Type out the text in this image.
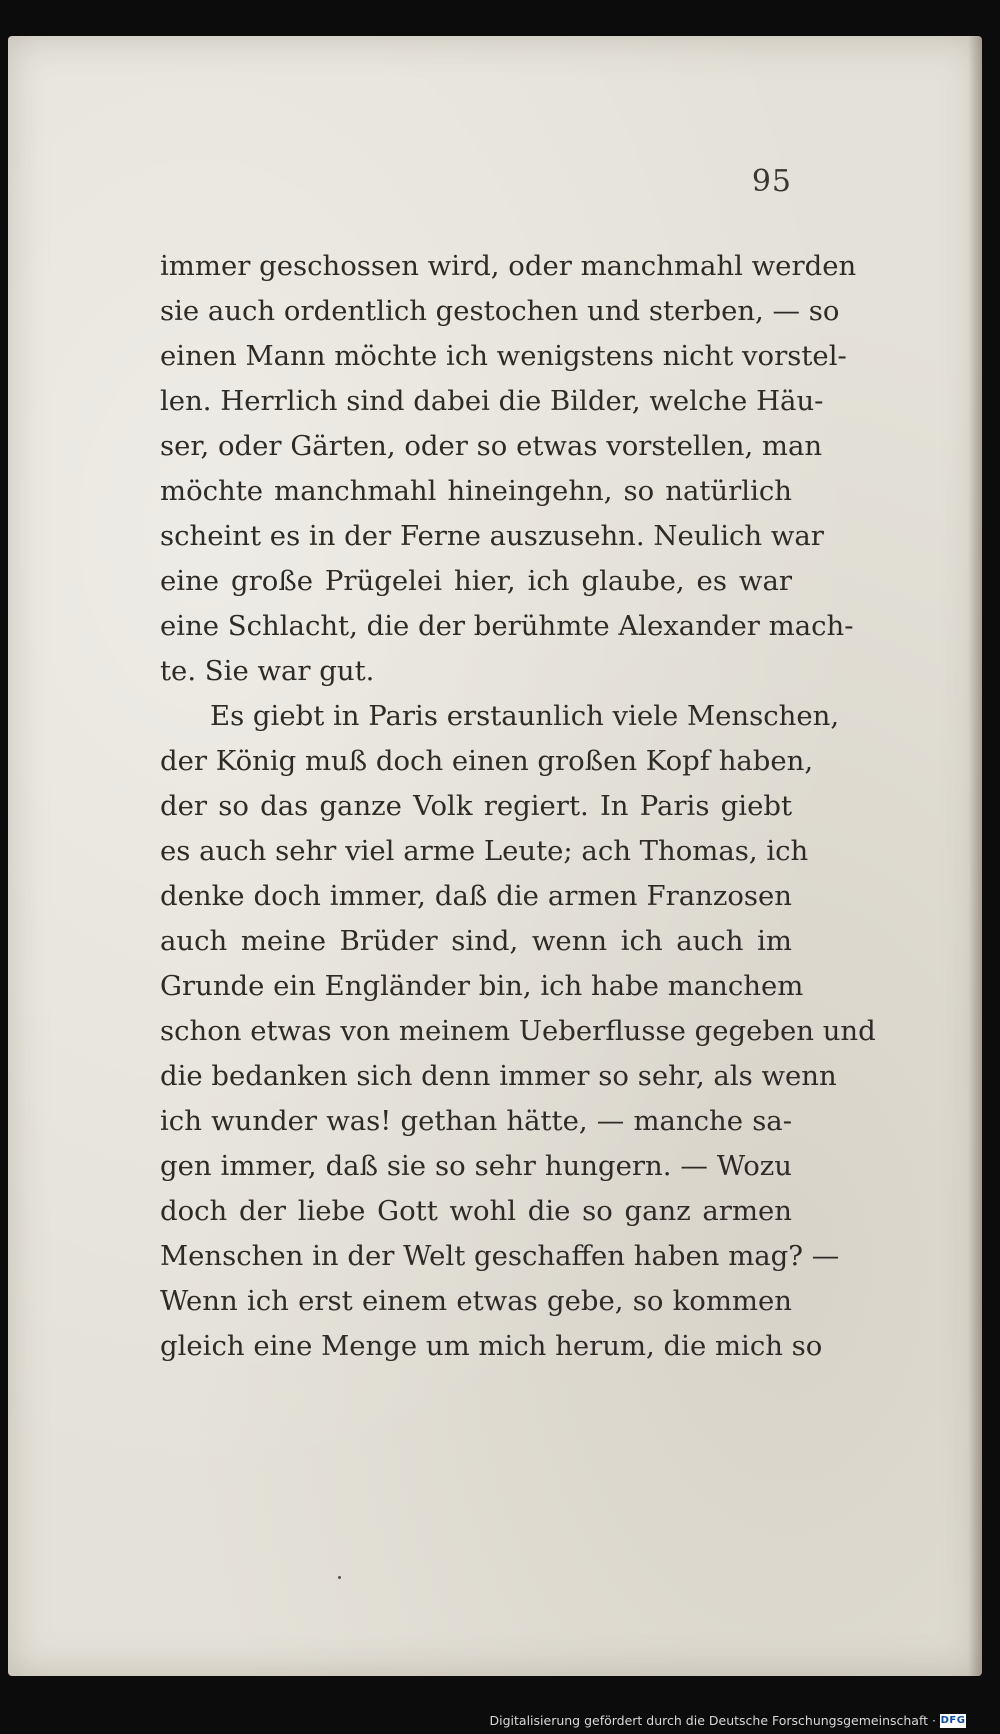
95
immer geschossen wird, oder manchmahl werden
sie auch ordentlich gestochen und sterben, — so
einen Mann möchte ich wenigstens nicht vorstel-
len. Herrlich sind dabei die Bilder, welche Häu-
ser, oder Gärten, oder so etwas vorstellen, man
möchte manchmahl hineingehn, so natürlich
scheint es in der Ferne auszusehn. Neulich war
eine große Prügelei hier, ich glaube, es war
eine Schlacht, die der berühmte Alexander mach-
te. Sie war gut.
Es giebt in Paris erstaunlich viele Menschen,
der König muß doch einen großen Kopf haben,
der so das ganze Volk regiert. In Paris giebt
es auch sehr viel arme Leute; ach Thomas, ich
denke doch immer, daß die armen Franzosen
auch meine Brüder sind, wenn ich auch im
Grunde ein Engländer bin, ich habe manchem
schon etwas von meinem Ueberflusse gegeben und
die bedanken sich denn immer so sehr, als wenn
ich wunder was! gethan hätte, — manche sa-
gen immer, daß sie so sehr hungern. — Wozu
doch der liebe Gott wohl die so ganz armen
Menschen in der Welt geschaffen haben mag? —
Wenn ich erst einem etwas gebe, so kommen
gleich eine Menge um mich herum, die mich so
Digitalisierung gefördert durch die Deutsche Forschungsgemeinschaft · DFG
